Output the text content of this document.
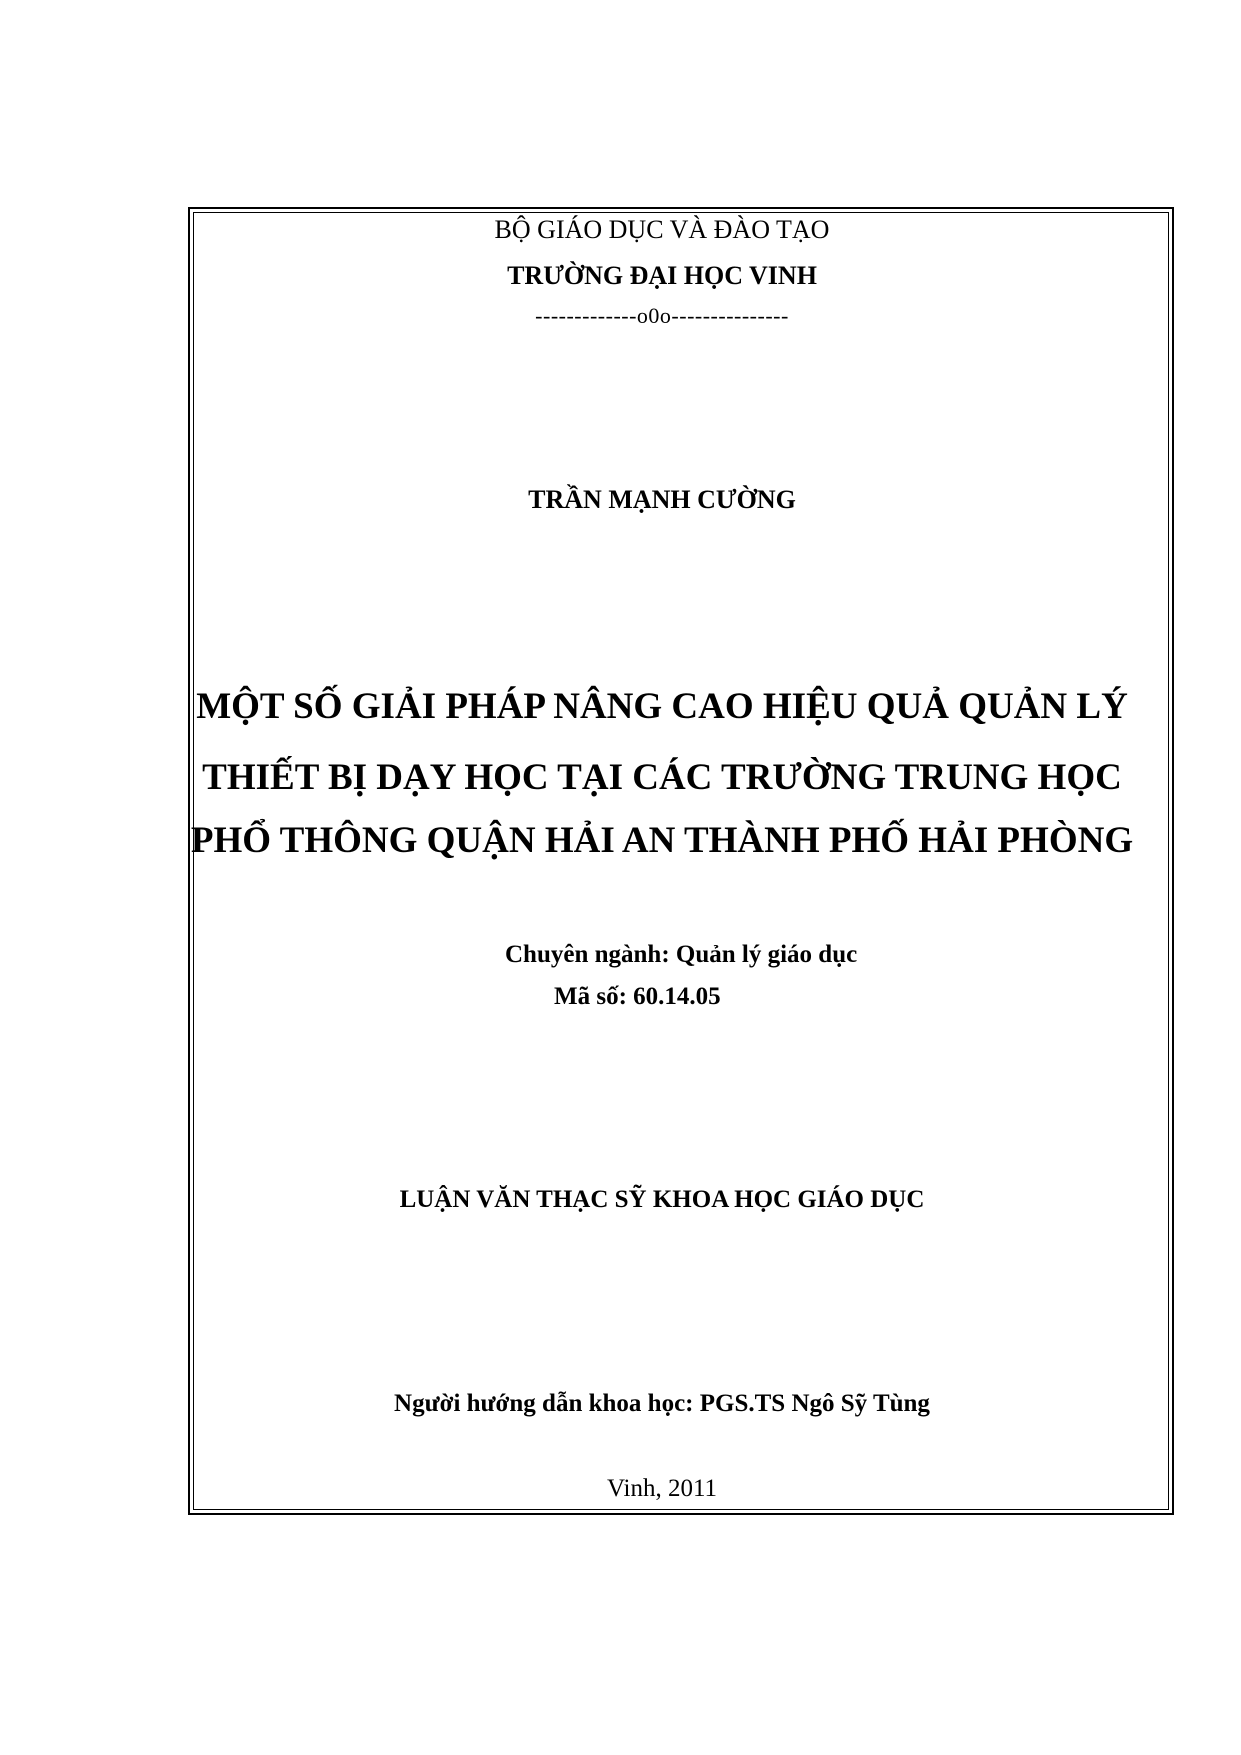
BỘ GIÁO DỤC VÀ ĐÀO TẠO
TRƯỜNG ĐẠI HỌC VINH
-------------o0o---------------
TRẦN MẠNH CƯỜNG
MỘT SỐ GIẢI PHÁP NÂNG CAO HIỆU QUẢ QUẢN LÝ
THIẾT BỊ DẠY HỌC TẠI CÁC TRƯỜNG TRUNG HỌC
PHỔ THÔNG QUẬN HẢI AN THÀNH PHỐ HẢI PHÒNG
Chuyên ngành: Quản lý giáo dục
Mã số: 60.14.05
LUẬN VĂN THẠC SỸ KHOA HỌC GIÁO DỤC
Người hướng dẫn khoa học: PGS.TS Ngô Sỹ Tùng
Vinh, 2011
